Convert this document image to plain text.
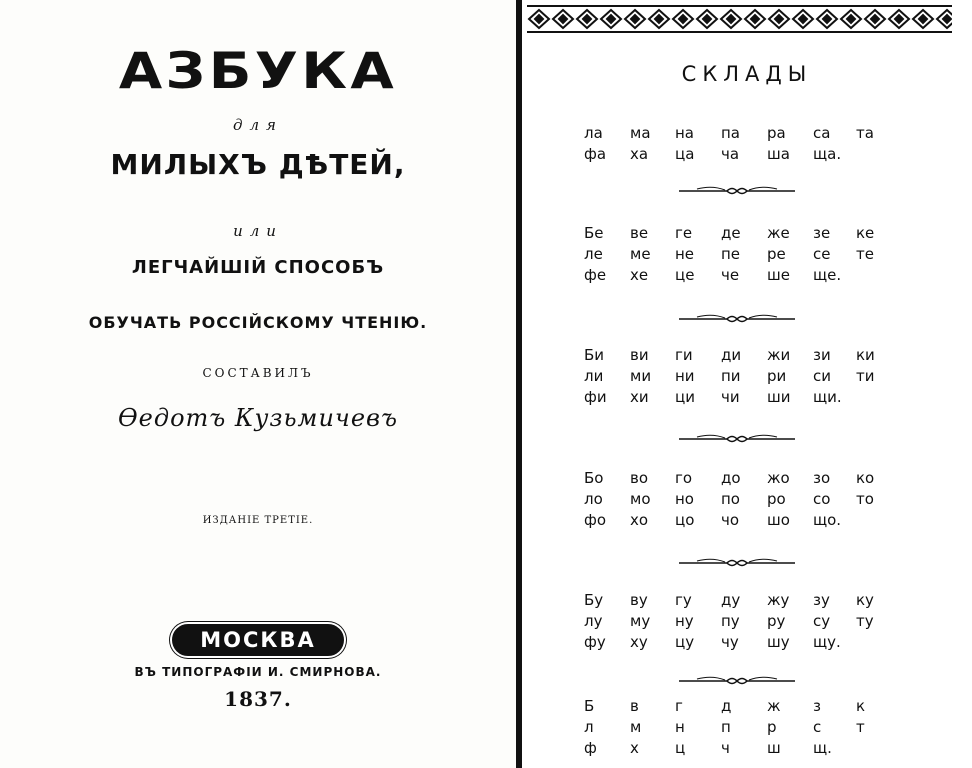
АЗБУКА
для
МИЛЫХЪ ДѢТЕЙ,
или
ЛЕГЧАЙШІЙ СПОСОБЪ
ОБУЧАТЬ РОССІЙСКОМУ ЧТЕНІЮ.
СОСТАВИЛЪ
Ѳедотъ Кузьмичевъ
ИЗДАНІЕ ТРЕТІЕ.
МОСКВА
ВЪ ТИПОГРАФІИ И. СМИРНОВА.
1837.
СКЛАДЫ
ла ма на па ра са та
фа ха ца ча ша ща.
Бе ве ге де же зе ке
ле ме не пе ре се те
фе хе це че ше ще.
Би ви ги ди жи зи ки
ли ми ни пи ри си ти
фи хи ци чи ши щи.
Бо во го до жо зо ко
ло мо но по ро со то
фо хо цо чо шо що.
Бу ву гу ду жу зу ку
лу му ну пу ру су ту
фу ху цу чу шу щу.
Б в г	д ж з к
л м н п р с т
ф х ц ч ш щ.
